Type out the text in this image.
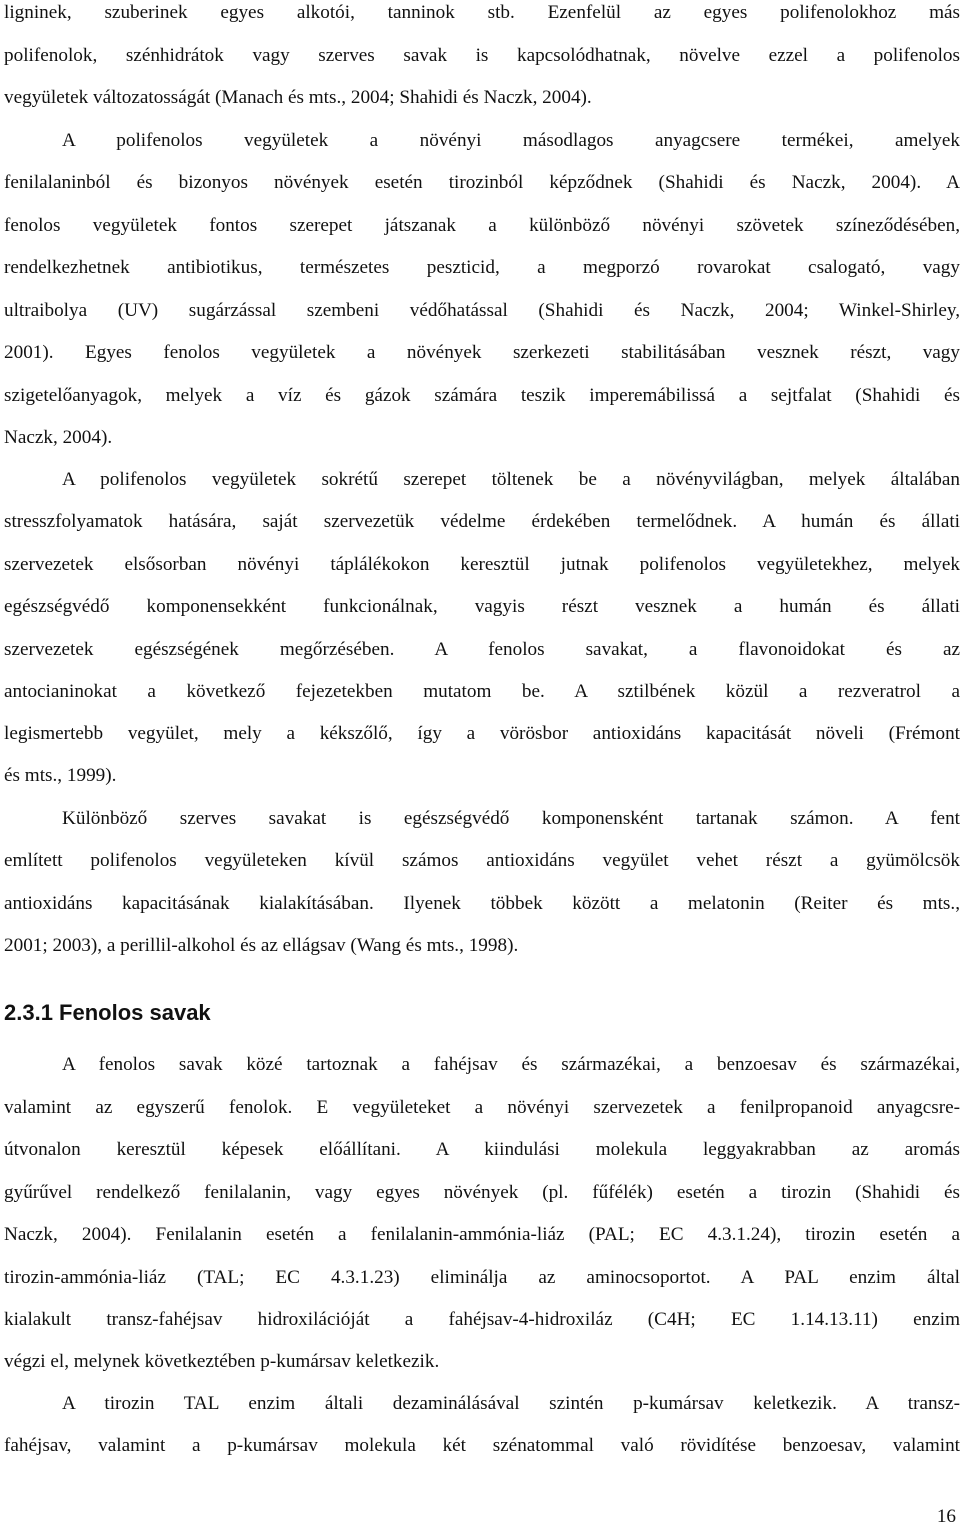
ligninek, szuberinek egyes alkotói, tanninok stb. Ezenfelül az egyes polifenolokhoz más
polifenolok, szénhidrátok vagy szerves savak is kapcsolódhatnak, növelve ezzel a polifenolos
vegyületek változatosságát (Manach és mts., 2004; Shahidi és Naczk, 2004).
A polifenolos vegyületek a növényi másodlagos anyagcsere termékei, amelyek
fenilalaninból és bizonyos növények esetén tirozinból képződnek (Shahidi és Naczk, 2004). A
fenolos vegyületek fontos szerepet játszanak a különböző növényi szövetek színeződésében,
rendelkezhetnek antibiotikus, természetes peszticid, a megporzó rovarokat csalogató, vagy
ultraibolya (UV) sugárzással szembeni védőhatással (Shahidi és Naczk, 2004; Winkel-Shirley,
2001). Egyes fenolos vegyületek a növények szerkezeti stabilitásában vesznek részt, vagy
szigetelőanyagok, melyek a víz és gázok számára teszik imperemábilissá a sejtfalat (Shahidi és
Naczk, 2004).
A polifenolos vegyületek sokrétű szerepet töltenek be a növényvilágban, melyek általában
stresszfolyamatok hatására, saját szervezetük védelme érdekében termelődnek. A humán és állati
szervezetek elsősorban növényi táplálékokon keresztül jutnak polifenolos vegyületekhez, melyek
egészségvédő komponensekként funkcionálnak, vagyis részt vesznek a humán és állati
szervezetek egészségének megőrzésében. A fenolos savakat, a flavonoidokat és az
antocianinokat a következő fejezetekben mutatom be. A sztilbének közül a rezveratrol a
legismertebb vegyület, mely a kékszőlő, így a vörösbor antioxidáns kapacitását növeli (Frémont
és mts., 1999).
Különböző szerves savakat is egészségvédő komponensként tartanak számon. A fent
említett polifenolos vegyületeken kívül számos antioxidáns vegyület vehet részt a gyümölcsök
antioxidáns kapacitásának kialakításában. Ilyenek többek között a melatonin (Reiter és mts.,
2001; 2003), a perillil-alkohol és az ellágsav (Wang és mts., 1998).
2.3.1 Fenolos savak
A fenolos savak közé tartoznak a fahéjsav és származékai, a benzoesav és származékai,
valamint az egyszerű fenolok. E vegyületeket a növényi szervezetek a fenilpropanoid anyagcsre-
útvonalon keresztül képesek előállítani. A kiindulási molekula leggyakrabban az aromás
gyűrűvel rendelkező fenilalanin, vagy egyes növények (pl. fűfélék) esetén a tirozin (Shahidi és
Naczk, 2004). Fenilalanin esetén a fenilalanin-ammónia-liáz (PAL; EC 4.3.1.24), tirozin esetén a
tirozin-ammónia-liáz (TAL; EC 4.3.1.23) eliminálja az aminocsoportot. A PAL enzim által
kialakult transz-fahéjsav hidroxilációját a fahéjsav-4-hidroxiláz (C4H; EC 1.14.13.11) enzim
végzi el, melynek következtében p-kumársav keletkezik.
A tirozin TAL enzim általi dezaminálásával szintén p-kumársav keletkezik. A transz-
fahéjsav, valamint a p-kumársav molekula két szénatommal való rövidítése benzoesav, valamint
16
